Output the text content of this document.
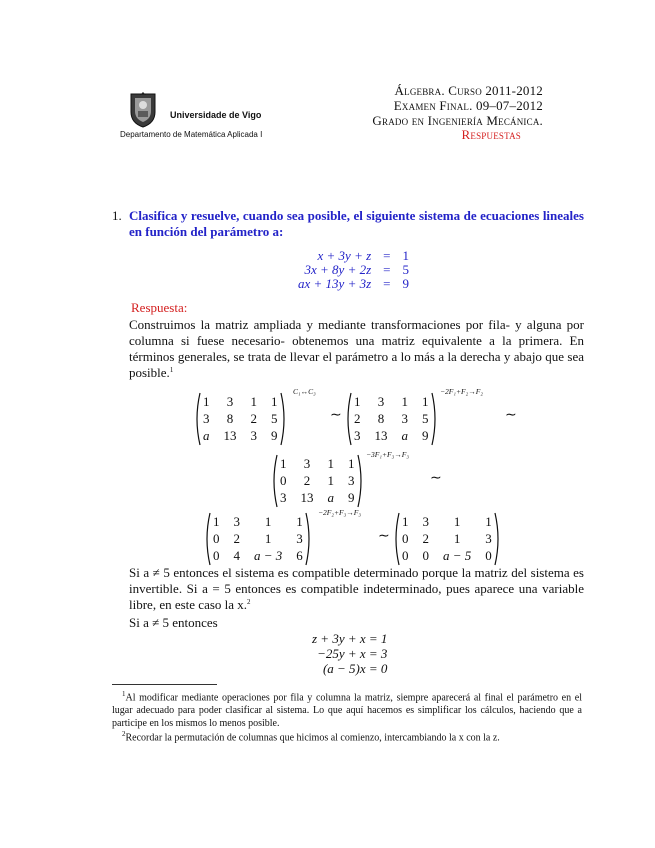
Universidade de Vigo
Departamento de Matemática Aplicada I
Álgebra. Curso 2011-2012
Examen Final. 09–07–2012
Grado en Ingeniería Mecánica.
Respuestas
1. Clasifica y resuelve, cuando sea posible, el siguiente sistema de ecuaciones lineales en función del parámetro a:
x + 3y + z	=	1
3x + 8y + 2z	=	5
ax + 13y + 3z	=	9
Respuesta:
Construimos la matriz ampliada y mediante transformaciones por fila- y alguna por columna si fuese necesario- obtenemos una matriz equivalente a la primera. En términos generales, se trata de llevar el parámetro a lo más a la derecha y abajo que sea posible.$^1$
1 3 1 1
3 8 2 5
a 13 3 9
C₁↔C₃
∼
1 3 1 1
2 8 3 5
3 13 a 9
−2F₁+F₂→F₂
∼
1 3 1 1
0 2 1 3
3 13 a 9
−3F₁+F₃→F₃
∼
1 3	1	1
0 2	1	3
0 4 a − 3 6
−2F₂+F₃→F₃
∼
1 3	1	1
0 2	1	3
0 0 a − 5 0
Si a ≠ 5 entonces el sistema es compatible determinado porque la matriz del sistema es invertible. Si a = 5 entonces es compatible indeterminado, pues aparece una variable libre, en este caso la x.$^2$
Si a ≠ 5 entonces
z + 3y + x = 1
−25y + x = 3
(a − 5)x = 0
$^1$Al modificar mediante operaciones por fila y columna la matriz, siempre aparecerá al final el parámetro en el lugar adecuado para poder clasificar al sistema. Lo que aquí hacemos es simplificar los cálculos, haciendo que a participe en los mismos lo menos posible.
$^2$Recordar la permutación de columnas que hicimos al comienzo, intercambiando la x con la z.
